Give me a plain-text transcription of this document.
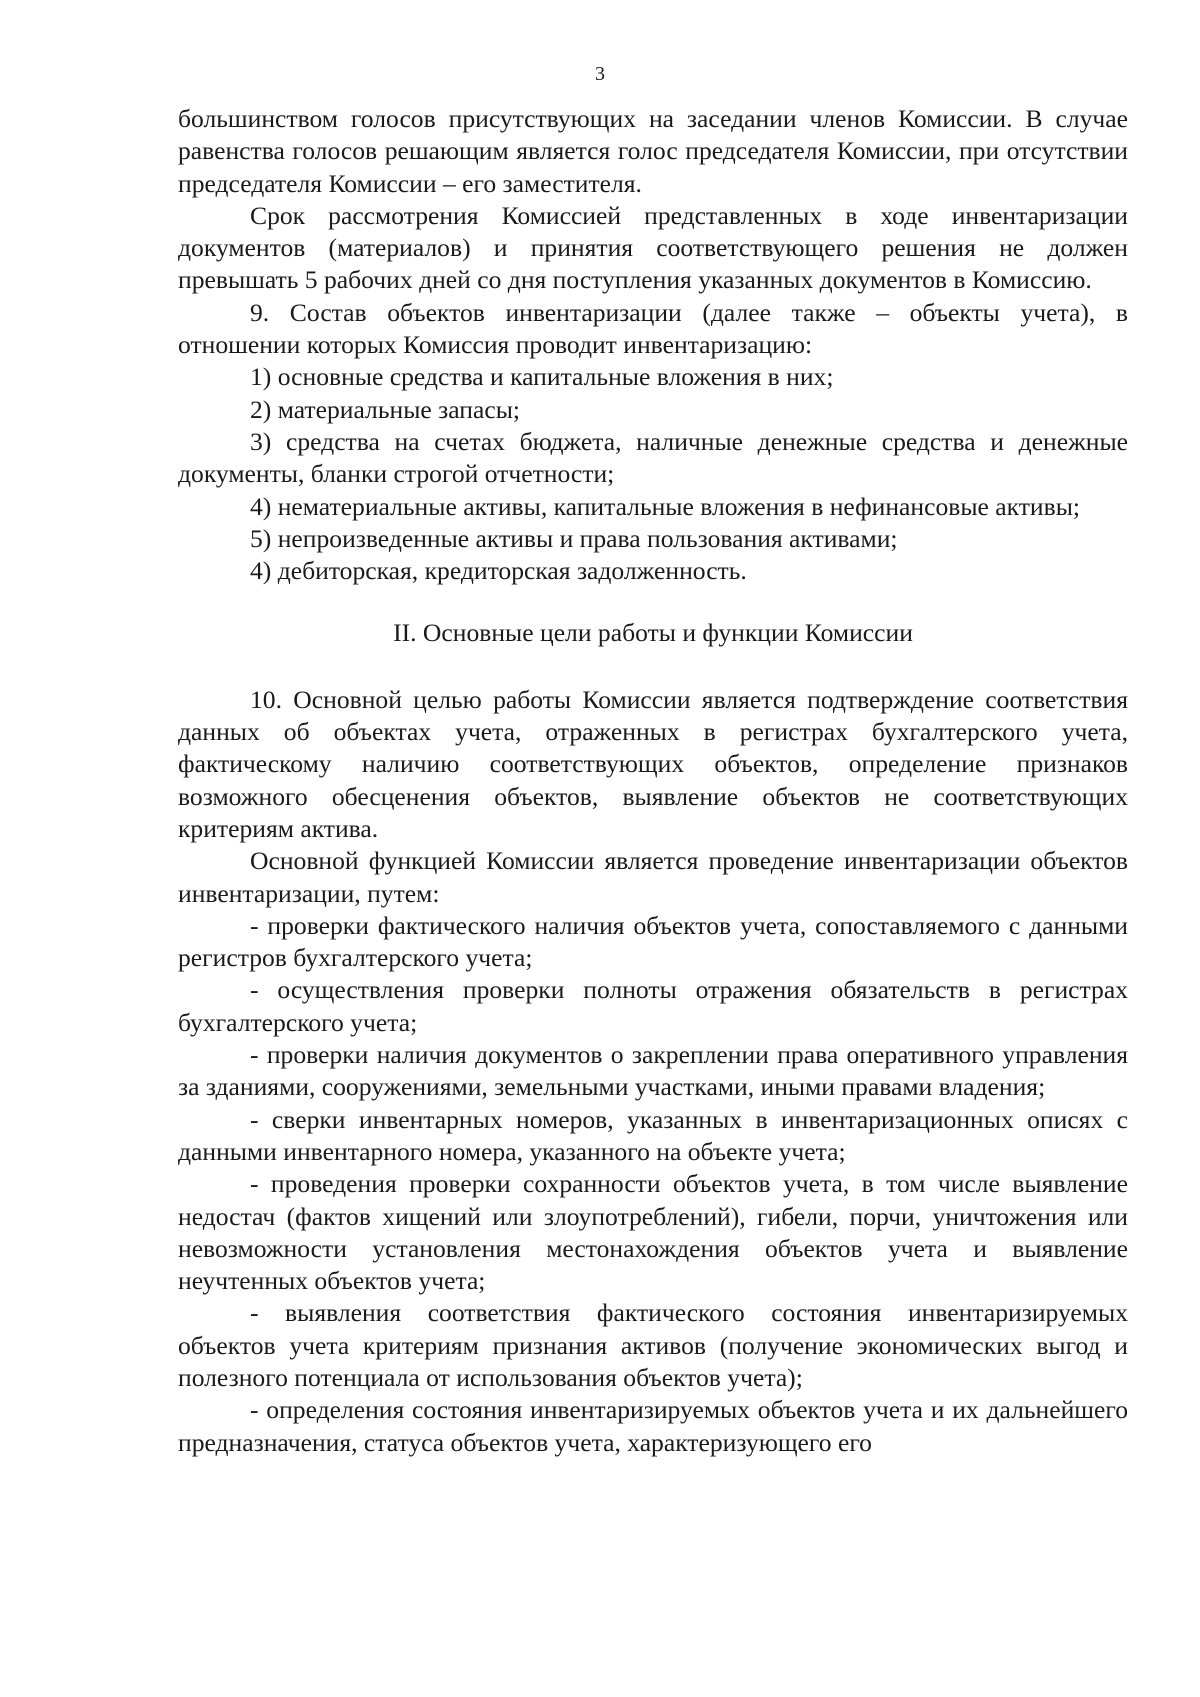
3

большинством голосов присутствующих на заседании членов Комиссии. В случае равенства голосов решающим является голос председателя Комиссии, при отсутствии председателя Комиссии – его заместителя.

Срок рассмотрения Комиссией представленных в ходе инвентаризации документов (материалов) и принятия соответствующего решения не должен превышать 5 рабочих дней со дня поступления указанных документов в Комиссию.

9. Состав объектов инвентаризации (далее также – объекты учета), в отношении которых Комиссия проводит инвентаризацию:

1) основные средства и капитальные вложения в них;

2) материальные запасы;

3) средства на счетах бюджета, наличные денежные средства и денежные документы, бланки строгой отчетности;

4) нематериальные активы, капитальные вложения в нефинансовые активы;

5) непроизведенные активы и права пользования активами;

4) дебиторская, кредиторская задолженность.

II. Основные цели работы и функции Комиссии

10. Основной целью работы Комиссии является подтверждение соответствия данных об объектах учета, отраженных в регистрах бухгалтерского учета, фактическому наличию соответствующих объектов, определение признаков возможного обесценения объектов, выявление объектов не соответствующих критериям актива.

Основной функцией Комиссии является проведение инвентаризации объектов инвентаризации, путем:

- проверки фактического наличия объектов учета, сопоставляемого с данными регистров бухгалтерского учета;

- осуществления проверки полноты отражения обязательств в регистрах бухгалтерского учета;

- проверки наличия документов о закреплении права оперативного управления за зданиями, сооружениями, земельными участками, иными правами владения;

- сверки инвентарных номеров, указанных в инвентаризационных описях с данными инвентарного номера, указанного на объекте учета;

- проведения проверки сохранности объектов учета, в том числе выявление недостач (фактов хищений или злоупотреблений), гибели, порчи, уничтожения или невозможности установления местонахождения объектов учета и выявление неучтенных объектов учета;

- выявления соответствия фактического состояния инвентаризируемых объектов учета критериям признания активов (получение экономических выгод и полезного потенциала от использования объектов учета);

- определения состояния инвентаризируемых объектов учета и их дальнейшего предназначения, статуса объектов учета, характеризующего его
